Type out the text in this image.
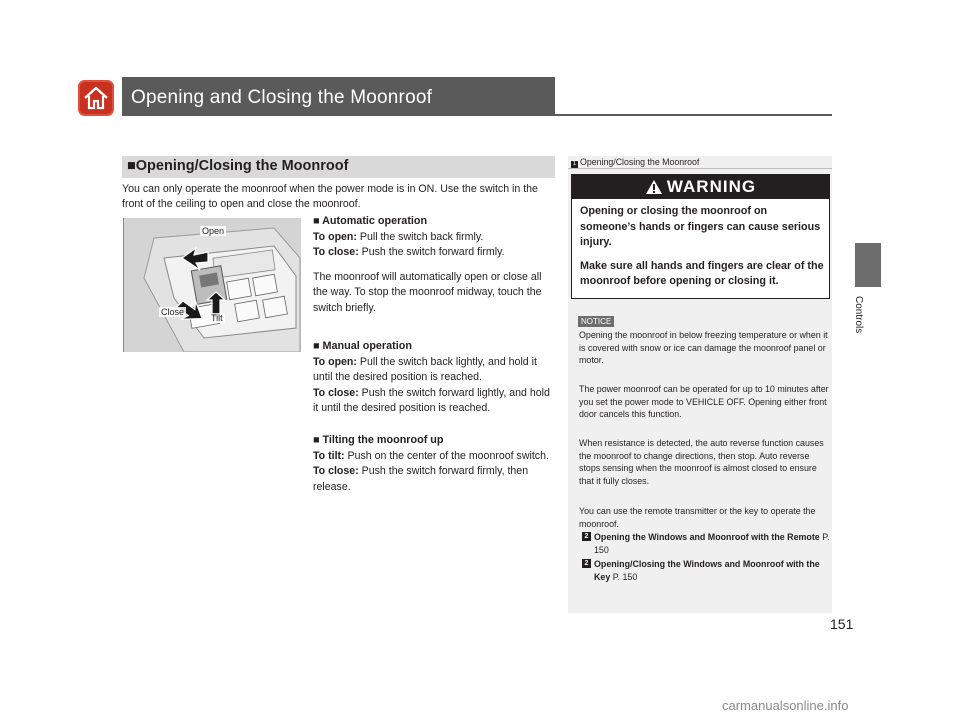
Opening and Closing the Moonroof
Controls
■Opening/Closing the Moonroof
You can only operate the moonroof when the power mode is in ON. Use the switch in the front of the ceiling to open and close the moonroof.
Open
Close
Tilt
■ Automatic operation
To open: Pull the switch back firmly.
To close: Push the switch forward firmly.
The moonroof will automatically open or close all the way. To stop the moonroof midway, touch the switch briefly.
■ Manual operation
To open: Pull the switch back lightly, and hold it until the desired position is reached.
To close: Push the switch forward lightly, and hold it until the desired position is reached.
■ Tilting the moonroof up
To tilt: Push on the center of the moonroof switch.
To close: Push the switch forward firmly, then release.
1 Opening/Closing the Moonroof
WARNING
Opening or closing the moonroof on someone’s hands or fingers can cause serious injury.
Make sure all hands and fingers are clear of the moonroof before opening or closing it.
NOTICE
Opening the moonroof in below freezing temperature or when it is covered with snow or ice can damage the moonroof panel or motor.
The power moonroof can be operated for up to 10 minutes after you set the power mode to VEHICLE OFF. Opening either front door cancels this function.
When resistance is detected, the auto reverse function causes the moonroof to change directions, then stop. Auto reverse stops sensing when the moonroof is almost closed to ensure that it fully closes.
You can use the remote transmitter or the key to operate the moonroof.
2 Opening the Windows and Moonroof with the Remote P. 150
2 Opening/Closing the Windows and Moonroof with the Key P. 150
151
carmanualsonline.info
